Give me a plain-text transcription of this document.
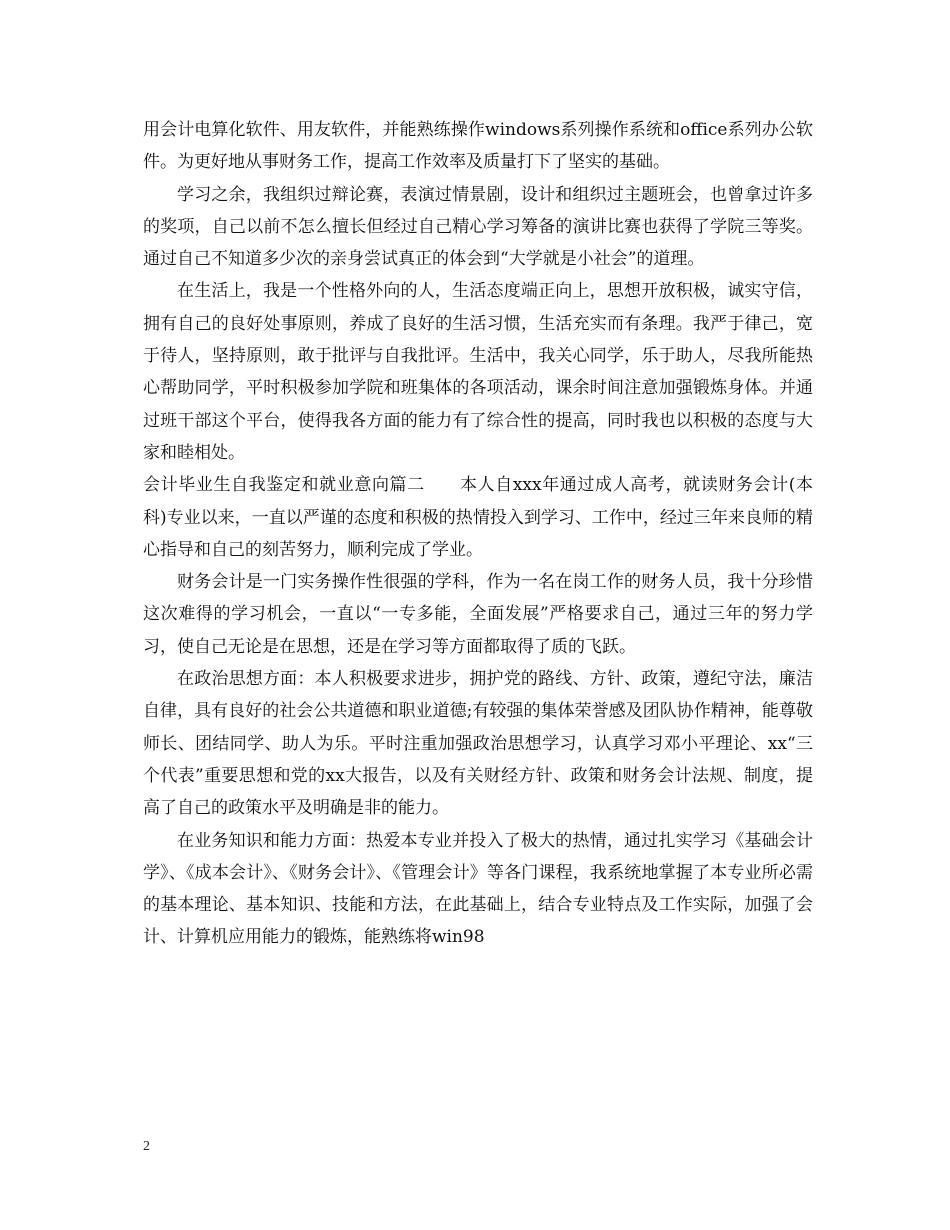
用会计电算化软件、用友软件，并能熟练操作windows系列操作系统和office系列办公软件。为更好地从事财务工作，提高工作效率及质量打下了坚实的基础。

学习之余，我组织过辩论赛，表演过情景剧，设计和组织过主题班会，也曾拿过许多的奖项，自己以前不怎么擅长但经过自己精心学习筹备的演讲比赛也获得了学院三等奖。通过自己不知道多少次的亲身尝试真正的体会到“大学就是小社会”的道理。

在生活上，我是一个性格外向的人，生活态度端正向上，思想开放积极，诚实守信，拥有自己的良好处事原则，养成了良好的生活习惯，生活充实而有条理。我严于律己，宽于待人，坚持原则，敢于批评与自我批评。生活中，我关心同学，乐于助人，尽我所能热心帮助同学，平时积极参加学院和班集体的各项活动，课余时间注意加强锻炼身体。并通过班干部这个平台，使得我各方面的能力有了综合性的提高，同时我也以积极的态度与大家和睦相处。

会计毕业生自我鉴定和就业意向篇二　　本人自xxx年通过成人高考，就读财务会计(本科)专业以来，一直以严谨的态度和积极的热情投入到学习、工作中，经过三年来良师的精心指导和自己的刻苦努力，顺利完成了学业。

财务会计是一门实务操作性很强的学科，作为一名在岗工作的财务人员，我十分珍惜这次难得的学习机会，一直以“一专多能，全面发展”严格要求自己，通过三年的努力学习，使自己无论是在思想，还是在学习等方面都取得了质的飞跃。

在政治思想方面：本人积极要求进步，拥护党的路线、方针、政策，遵纪守法，廉洁自律，具有良好的社会公共道德和职业道德;有较强的集体荣誉感及团队协作精神，能尊敬师长、团结同学、助人为乐。平时注重加强政治思想学习，认真学习邓小平理论、xx“三个代表”重要思想和党的xx大报告，以及有关财经方针、政策和财务会计法规、制度，提高了自己的政策水平及明确是非的能力。

在业务知识和能力方面：热爱本专业并投入了极大的热情，通过扎实学习《基础会计学》、《成本会计》、《财务会计》、《管理会计》等各门课程，我系统地掌握了本专业所必需的基本理论、基本知识、技能和方法，在此基础上，结合专业特点及工作实际，加强了会计、计算机应用能力的锻炼，能熟练将win98

2
